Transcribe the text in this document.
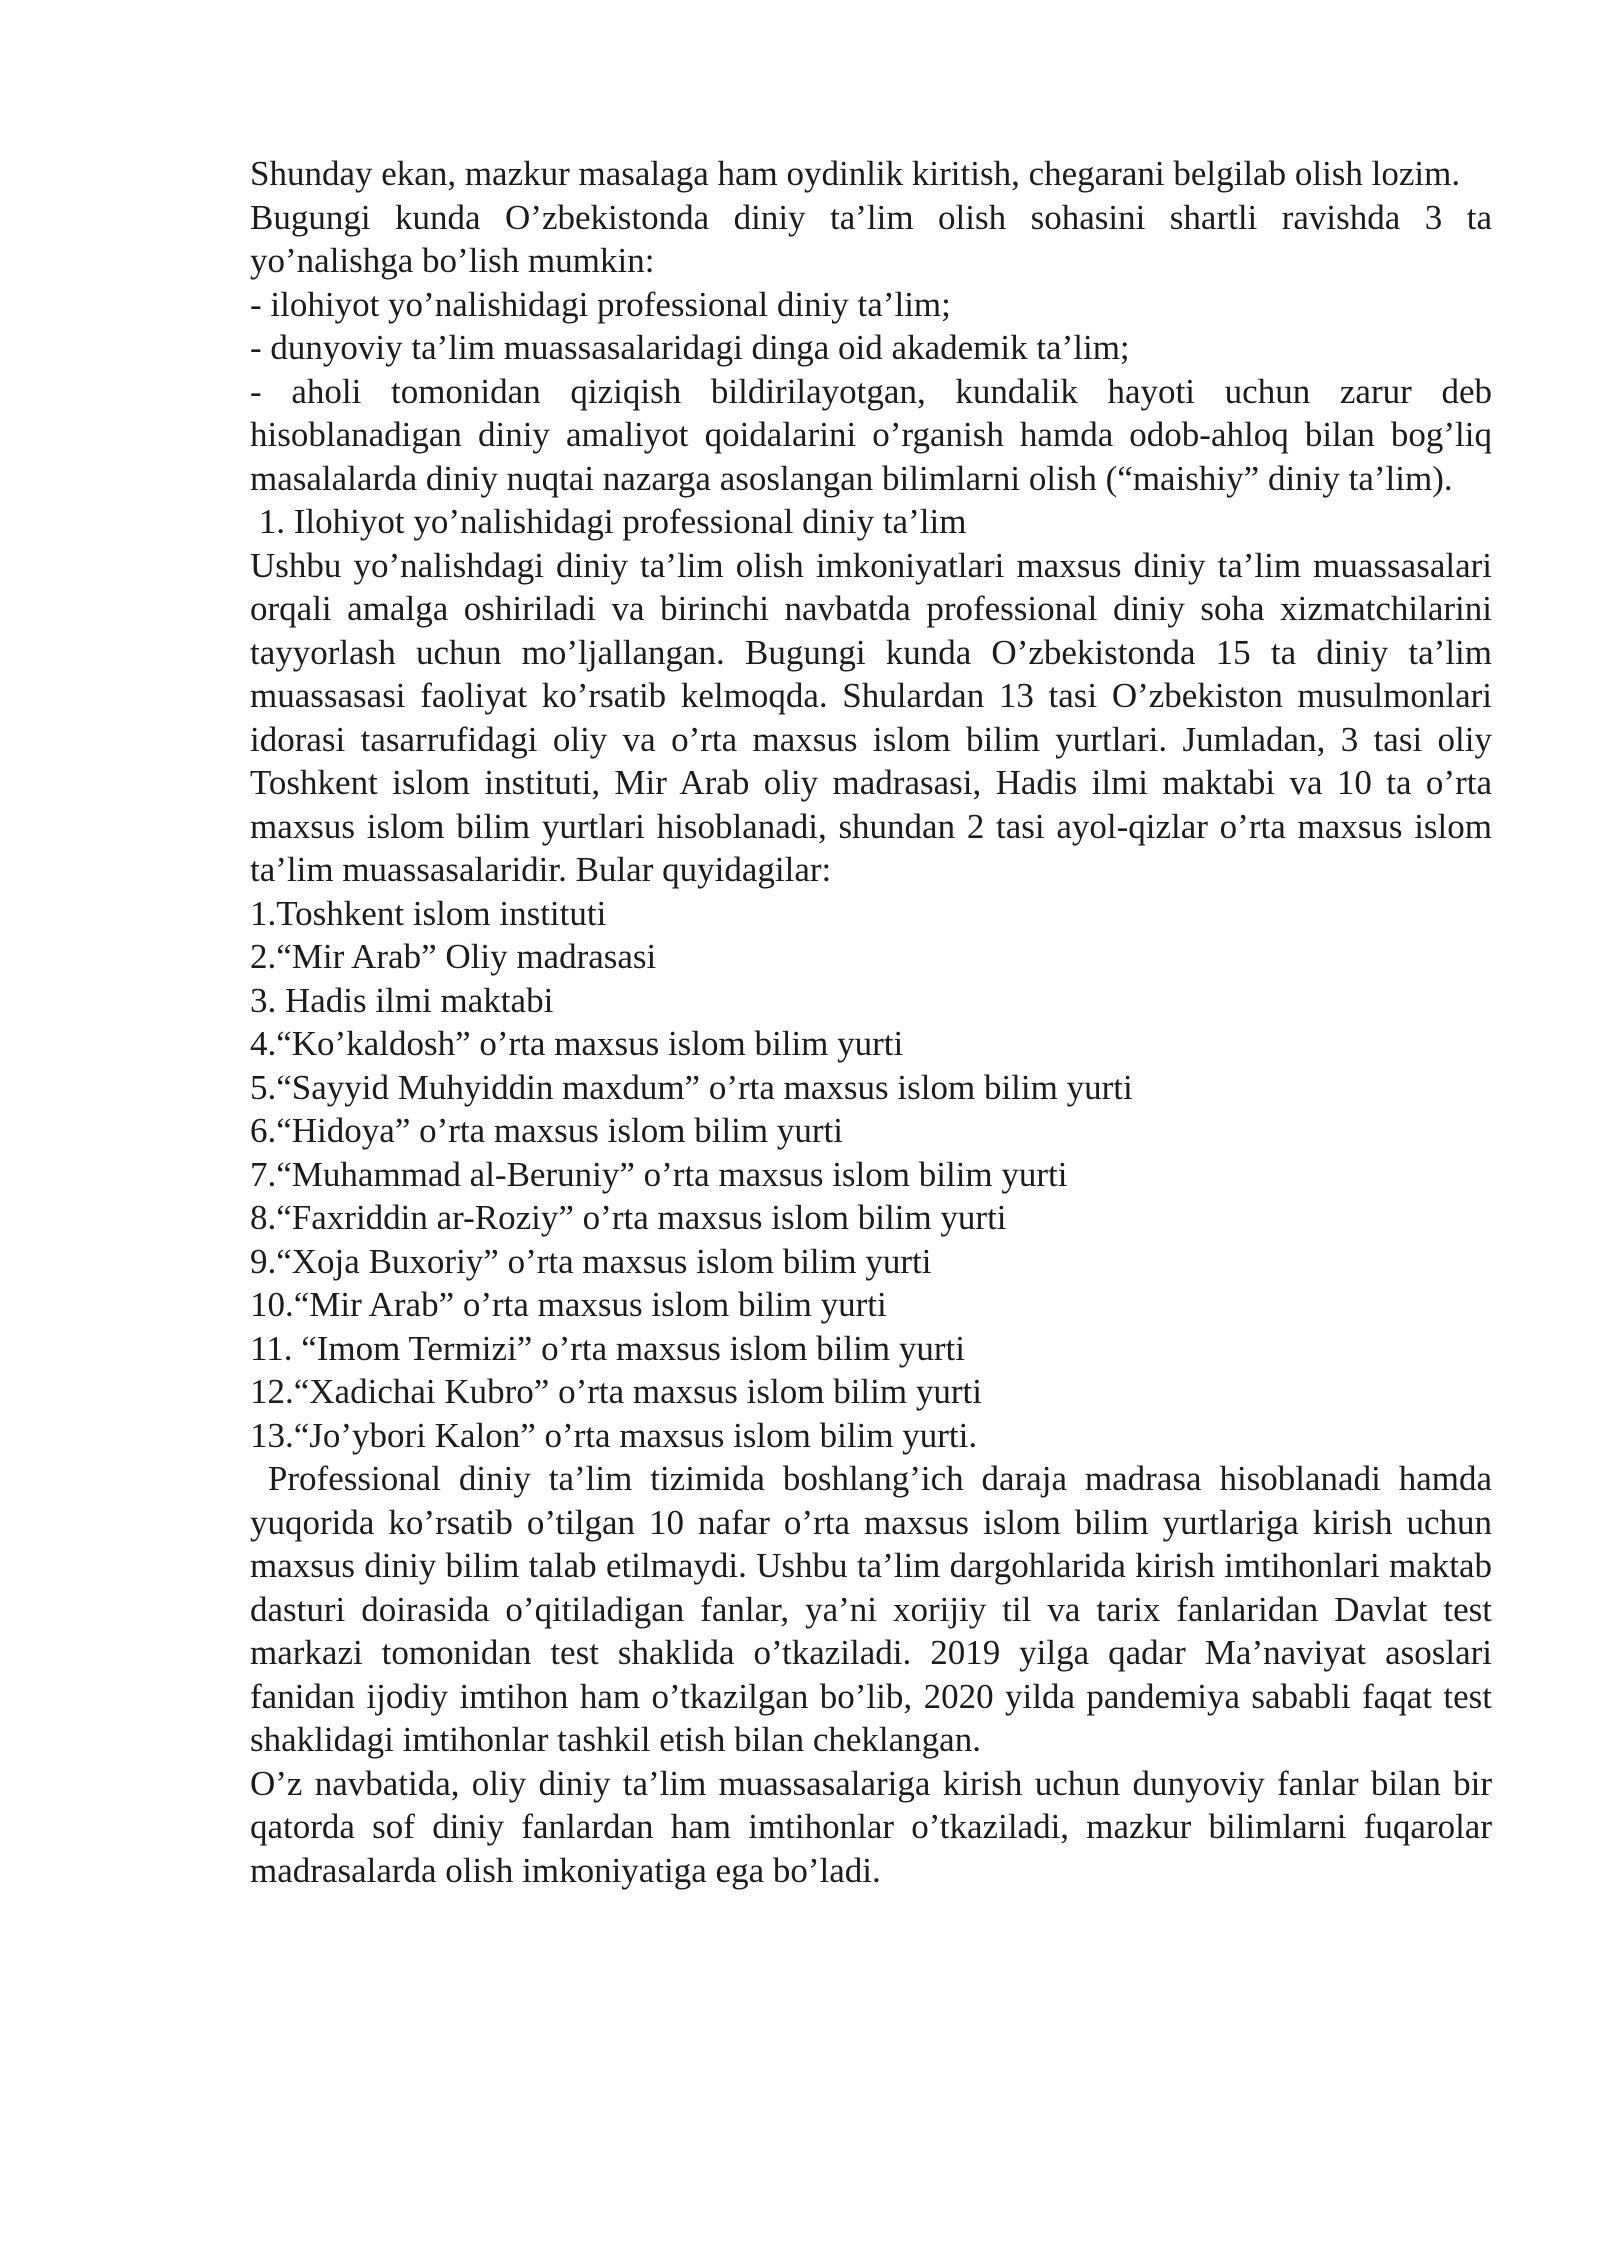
Shunday ekan, mazkur masalaga ham oydinlik kiritish, chegarani belgilab olish lozim.

Bugungi kunda O’zbekistonda diniy ta’lim olish sohasini shartli ravishda 3 ta yo’nalishga bo’lish mumkin:

- ilohiyot yo’nalishidagi professional diniy ta’lim;

- dunyoviy ta’lim muassasalaridagi dinga oid akademik ta’lim;

- aholi tomonidan qiziqish bildirilayotgan, kundalik hayoti uchun zarur deb hisoblanadigan diniy amaliyot qoidalarini o’rganish hamda odob-ahloq bilan bog’liq masalalarda diniy nuqtai nazarga asoslangan bilimlarni olish (“maishiy” diniy ta’lim).

1. Ilohiyot yo’nalishidagi professional diniy ta’lim

Ushbu yo’nalishdagi diniy ta’lim olish imkoniyatlari maxsus diniy ta’lim muassasalari orqali amalga oshiriladi va birinchi navbatda professional diniy soha xizmatchilarini tayyorlash uchun mo’ljallangan. Bugungi kunda O’zbekistonda 15 ta diniy ta’lim muassasasi faoliyat ko’rsatib kelmoqda. Shulardan 13 tasi O’zbekiston musulmonlari idorasi tasarrufidagi oliy va o’rta maxsus islom bilim yurtlari. Jumladan, 3 tasi oliy Toshkent islom instituti, Mir Arab oliy madrasasi, Hadis ilmi maktabi va 10 ta o’rta maxsus islom bilim yurtlari hisoblanadi, shundan 2 tasi ayol-qizlar o’rta maxsus islom ta’lim muassasalaridir. Bular quyidagilar:

1.Toshkent islom instituti

2.“Mir Arab” Oliy madrasasi

3. Hadis ilmi maktabi

4.“Ko’kaldosh” o’rta maxsus islom bilim yurti

5.“Sayyid Muhyiddin maxdum” o’rta maxsus islom bilim yurti

6.“Hidoya” o’rta maxsus islom bilim yurti

7.“Muhammad al-Beruniy” o’rta maxsus islom bilim yurti

8.“Faxriddin ar-Roziy” o’rta maxsus islom bilim yurti

9.“Xoja Buxoriy” o’rta maxsus islom bilim yurti

10.“Mir Arab” o’rta maxsus islom bilim yurti

11. “Imom Termizi” o’rta maxsus islom bilim yurti

12.“Xadichai Kubro” o’rta maxsus islom bilim yurti

13.“Jo’ybori Kalon” o’rta maxsus islom bilim yurti.

Professional diniy ta’lim tizimida boshlang’ich daraja madrasa hisoblanadi hamda yuqorida ko’rsatib o’tilgan 10 nafar o’rta maxsus islom bilim yurtlariga kirish uchun maxsus diniy bilim talab etilmaydi. Ushbu ta’lim dargohlarida kirish imtihonlari maktab dasturi doirasida o’qitiladigan fanlar, ya’ni xorijiy til va tarix fanlaridan Davlat test markazi tomonidan test shaklida o’tkaziladi. 2019 yilga qadar Ma’naviyat asoslari fanidan ijodiy imtihon ham o’tkazilgan bo’lib, 2020 yilda pandemiya sababli faqat test shaklidagi imtihonlar tashkil etish bilan cheklangan.

O’z navbatida, oliy diniy ta’lim muassasalariga kirish uchun dunyoviy fanlar bilan bir qatorda sof diniy fanlardan ham imtihonlar o’tkaziladi, mazkur bilimlarni fuqarolar madrasalarda olish imkoniyatiga ega bo’ladi.
